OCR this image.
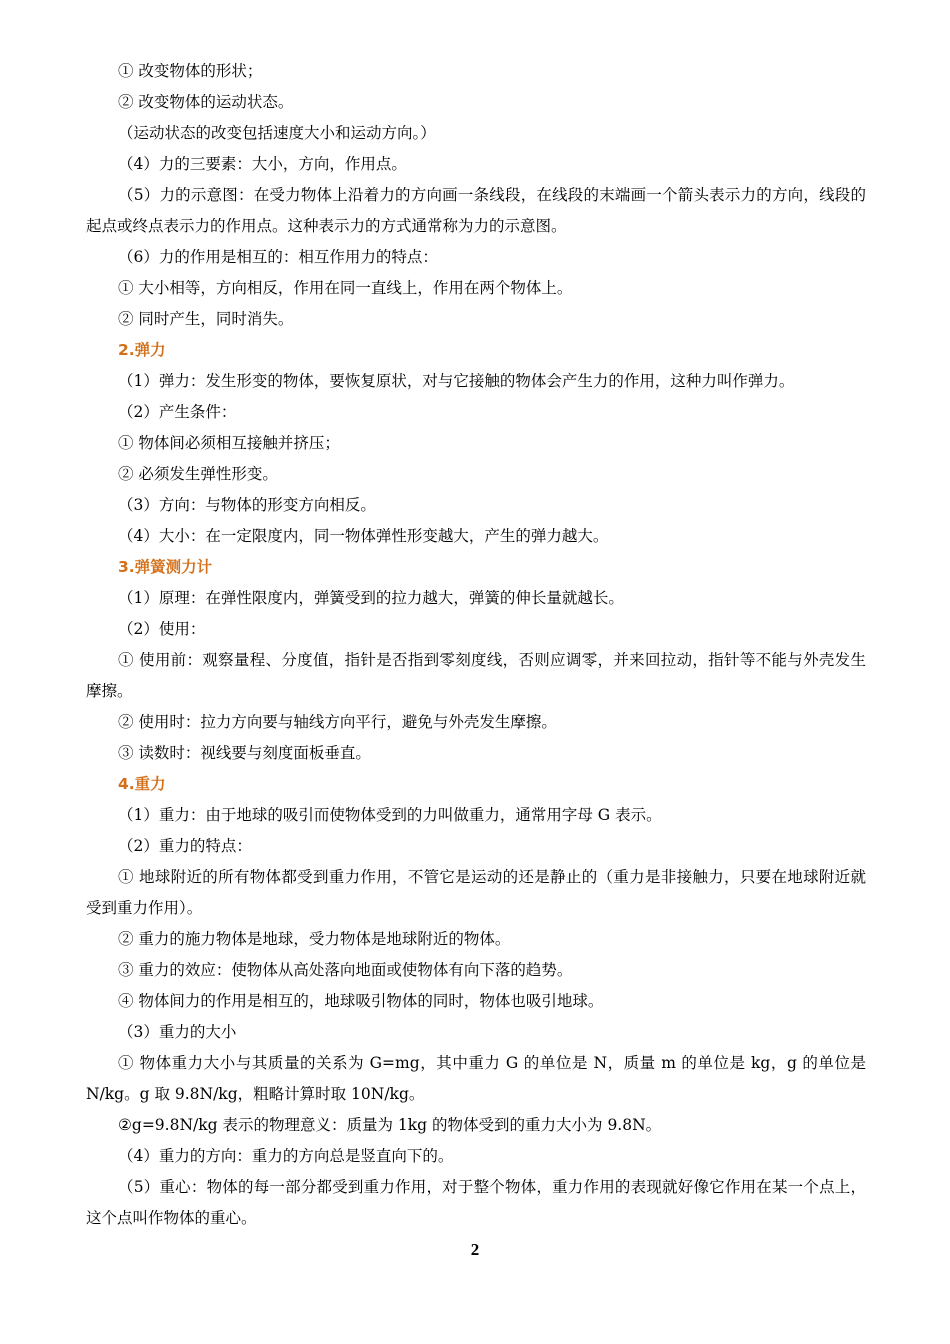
① 改变物体的形状；

② 改变物体的运动状态。

（运动状态的改变包括速度大小和运动方向。）

（4）力的三要素：大小，方向，作用点。

（5）力的示意图：在受力物体上沿着力的方向画一条线段，在线段的末端画一个箭头表示力的方向，线段的起点或终点表示力的作用点。这种表示力的方式通常称为力的示意图。

（6）力的作用是相互的：相互作用力的特点：

① 大小相等，方向相反，作用在同一直线上，作用在两个物体上。

② 同时产生，同时消失。

2.弹力

（1）弹力：发生形变的物体，要恢复原状，对与它接触的物体会产生力的作用，这种力叫作弹力。

（2）产生条件：

① 物体间必须相互接触并挤压；

② 必须发生弹性形变。

（3）方向：与物体的形变方向相反。

（4）大小：在一定限度内，同一物体弹性形变越大，产生的弹力越大。

3.弹簧测力计

（1）原理：在弹性限度内，弹簧受到的拉力越大，弹簧的伸长量就越长。

（2）使用：

① 使用前：观察量程、分度值，指针是否指到零刻度线，否则应调零，并来回拉动，指针等不能与外壳发生摩擦。

② 使用时：拉力方向要与轴线方向平行，避免与外壳发生摩擦。

③ 读数时：视线要与刻度面板垂直。

4.重力

（1）重力：由于地球的吸引而使物体受到的力叫做重力，通常用字母 G 表示。

（2）重力的特点：

① 地球附近的所有物体都受到重力作用，不管它是运动的还是静止的（重力是非接触力，只要在地球附近就受到重力作用）。

② 重力的施力物体是地球，受力物体是地球附近的物体。

③ 重力的效应：使物体从高处落向地面或使物体有向下落的趋势。

④ 物体间力的作用是相互的，地球吸引物体的同时，物体也吸引地球。

（3）重力的大小

① 物体重力大小与其质量的关系为 G=mg，其中重力 G 的单位是 N，质量 m 的单位是 kg，g 的单位是 N/kg。g 取 9.8N/kg，粗略计算时取 10N/kg。

②g=9.8N/kg 表示的物理意义：质量为 1kg 的物体受到的重力大小为 9.8N。

（4）重力的方向：重力的方向总是竖直向下的。

（5）重心：物体的每一部分都受到重力作用，对于整个物体，重力作用的表现就好像它作用在某一个点上，这个点叫作物体的重心。

2
